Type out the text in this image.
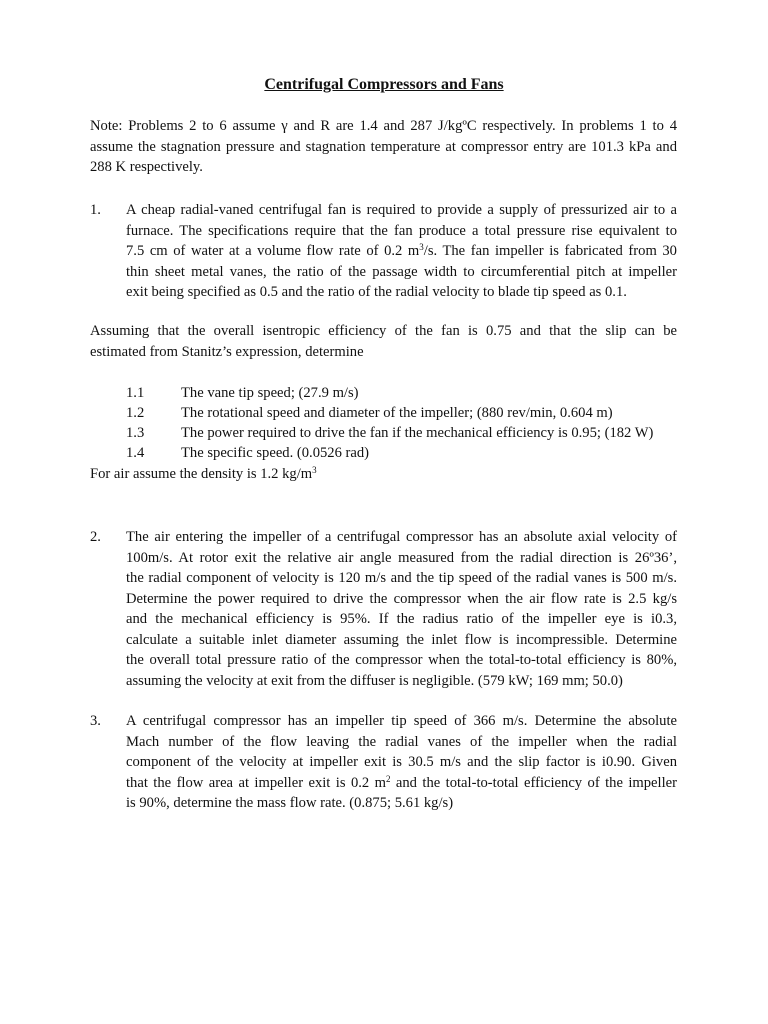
Centrifugal Compressors and Fans
Note: Problems 2 to 6 assume γ and R are 1.4 and 287 J/kgºC respectively. In problems 1 to 4
assume the stagnation pressure and stagnation temperature at compressor entry are 101.3 kPa and
288 K respectively.
1. A cheap radial-vaned centrifugal fan is required to provide a supply of pressurized air to a
furnace. The specifications require that the fan produce a total pressure rise equivalent to
7.5 cm of water at a volume flow rate of 0.2 $m^3/s$. The fan impeller is fabricated from 30
thin sheet metal vanes, the ratio of the passage width to circumferential pitch at impeller
exit being specified as 0.5 and the ratio of the radial velocity to blade tip speed as 0.1.
Assuming that the overall isentropic efficiency of the fan is 0.75 and that the slip can be
estimated from Stanitz’s expression, determine
1.1	The vane tip speed; (27.9 m/s)
1.2	The rotational speed and diameter of the impeller; (880 rev/min, 0.604 m)
1.3	The power required to drive the fan if the mechanical efficiency is 0.95; (182 W)
1.4	The specific speed. (0.0526 rad)
For air assume the density is 1.2 $kg/m^3$
2. The air entering the impeller of a centrifugal compressor has an absolute axial velocity of
100m/s. At rotor exit the relative air angle measured from the radial direction is 26º36’,
the radial component of velocity is 120 m/s and the tip speed of the radial vanes is 500 m/s.
Determine the power required to drive the compressor when the air flow rate is 2.5 kg/s
and the mechanical efficiency is 95%. If the radius ratio of the impeller eye is i0.3,
calculate a suitable inlet diameter assuming the inlet flow is incompressible. Determine
the overall total pressure ratio of the compressor when the total-to-total efficiency is 80%,
assuming the velocity at exit from the diffuser is negligible. (579 kW; 169 mm; 50.0)
3. A centrifugal compressor has an impeller tip speed of 366 m/s. Determine the absolute
Mach number of the flow leaving the radial vanes of the impeller when the radial
component of the velocity at impeller exit is 30.5 m/s and the slip factor is i0.90. Given
that the flow area at impeller exit is 0.2 $m^2$ and the total-to-total efficiency of the impeller
is 90%, determine the mass flow rate. (0.875; 5.61 kg/s)
